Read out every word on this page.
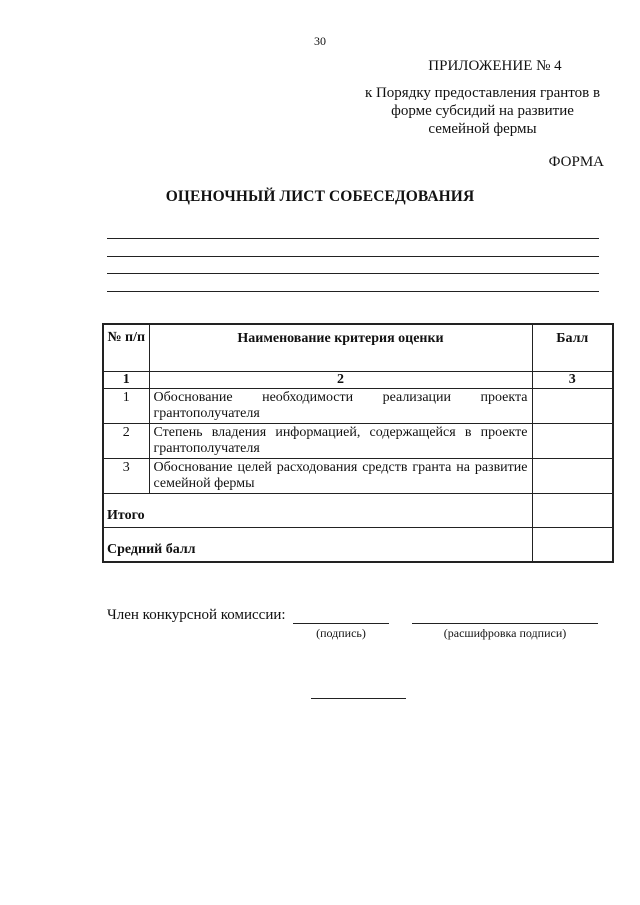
30
ПРИЛОЖЕНИЕ № 4
к Порядку предоставления грантов в форме субсидий на развитие семейной фермы
ФОРМА
ОЦЕНОЧНЫЙ ЛИСТ СОБЕСЕДОВАНИЯ
№ п/п	Наименование критерия оценки	Балл
1	2	3
1	Обоснование необходимости реализации проекта грантополучателя	
2	Степень владения информацией, содержащейся в проекте грантополучателя	
3	Обоснование целей расходования средств гранта на развитие семейной фермы	
Итого		
Средний балл		
Член конкурсной комиссии:
(подпись)	(расшифровка подписи)
